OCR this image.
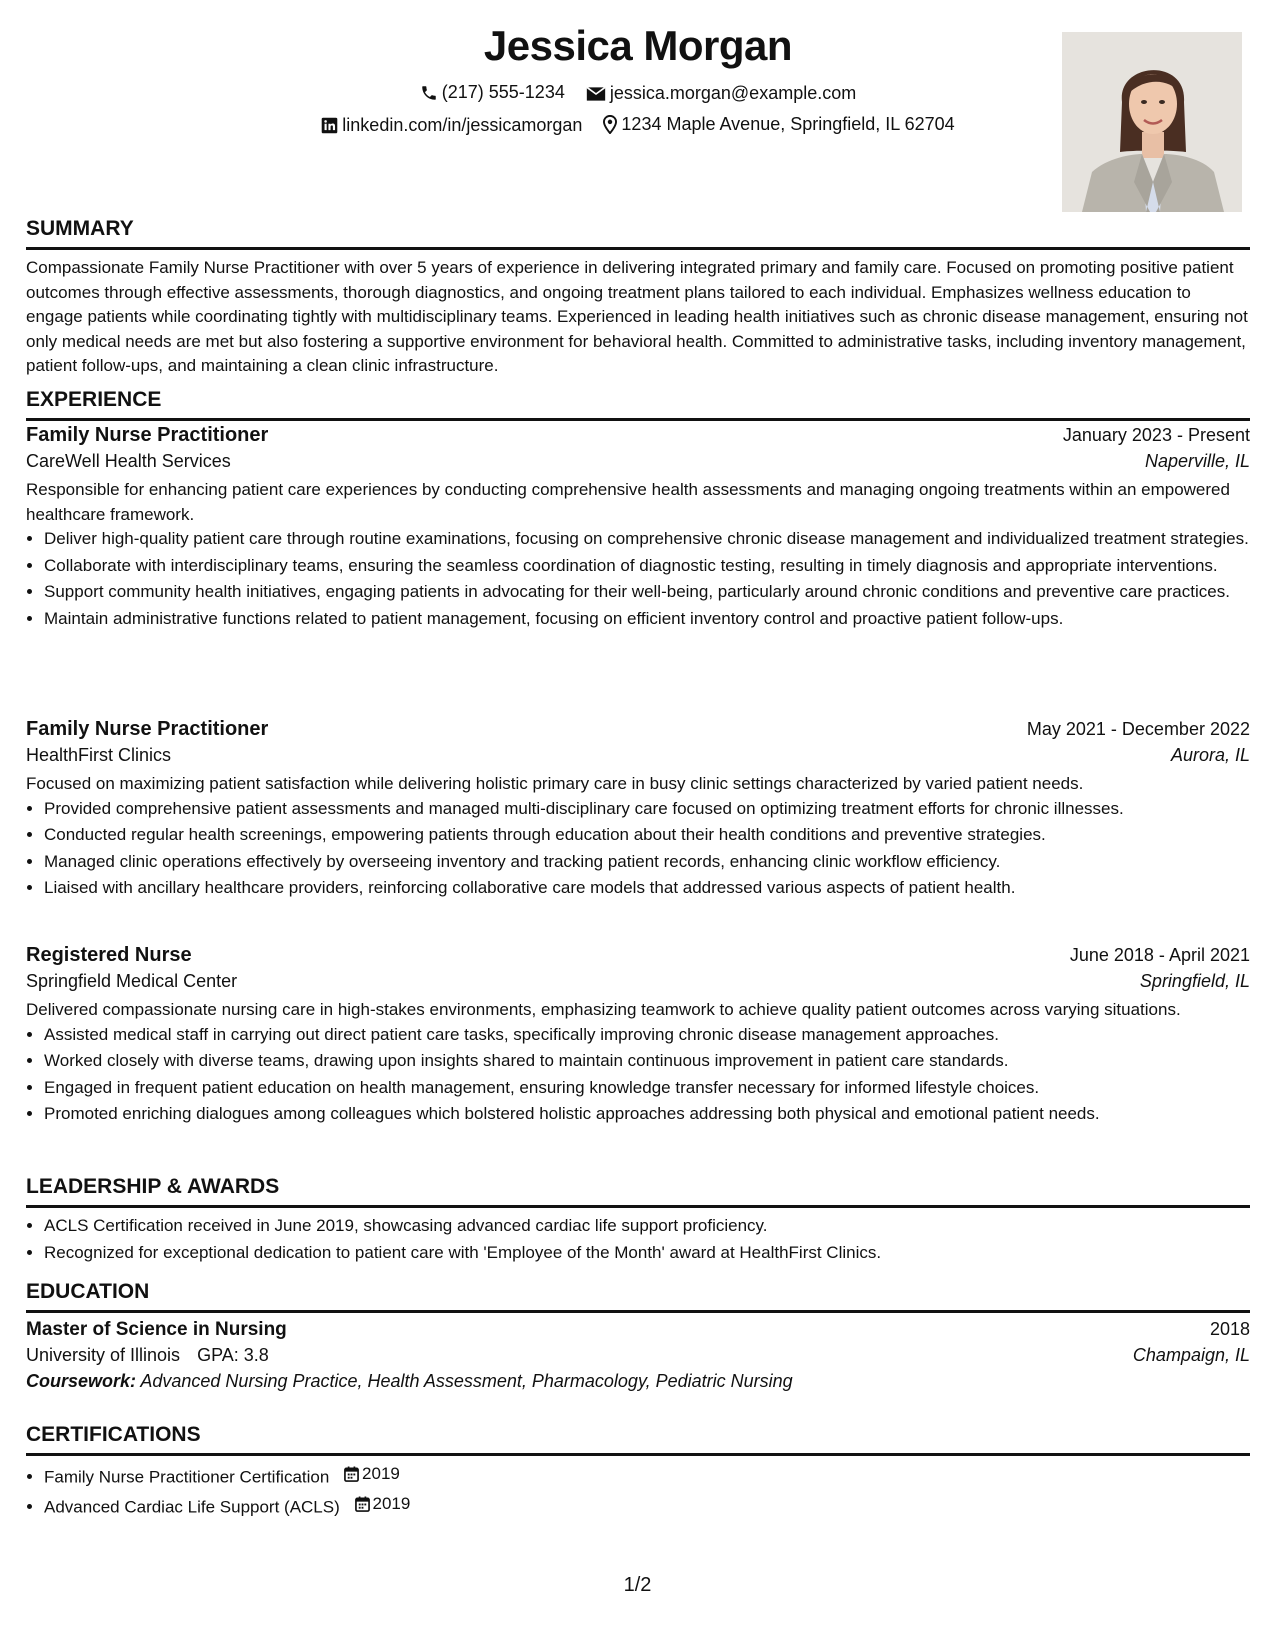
Jessica Morgan
(217) 555-1234
	jessica.morgan@example.com
linkedin.com/in/jessicamorgan
1234 Maple Avenue, Springfield, IL 62704
SUMMARY

Compassionate Family Nurse Practitioner with over 5 years of experience in delivering integrated primary and family care. Focused on promoting positive patient outcomes through effective assessments, thorough diagnostics, and ongoing treatment plans tailored to each individual. Emphasizes wellness education to engage patients while coordinating tightly with multidisciplinary teams. Experienced in leading health initiatives such as chronic disease management, ensuring not only medical needs are met but also fostering a supportive environment for behavioral health. Committed to administrative tasks, including inventory management, patient follow-ups, and maintaining a clean clinic infrastructure.

EXPERIENCE
Family Nurse Practitioner	January 2023 - Present
CareWell Health Services	Naperville, IL

Responsible for enhancing patient care experiences by conducting comprehensive health assessments and managing ongoing treatments within an empowered healthcare framework.

• Deliver high-quality patient care through routine examinations, focusing on comprehensive chronic disease management and individualized treatment strategies.
• Collaborate with interdisciplinary teams, ensuring the seamless coordination of diagnostic testing, resulting in timely diagnosis and appropriate interventions.
• Support community health initiatives, engaging patients in advocating for their well-being, particularly around chronic conditions and preventive care practices.
• Maintain administrative functions related to patient management, focusing on efficient inventory control and proactive patient follow-ups.
Family Nurse Practitioner	May 2021 - December 2022
HealthFirst Clinics	Aurora, IL

Focused on maximizing patient satisfaction while delivering holistic primary care in busy clinic settings characterized by varied patient needs.

• Provided comprehensive patient assessments and managed multi-disciplinary care focused on optimizing treatment efforts for chronic illnesses.
• Conducted regular health screenings, empowering patients through education about their health conditions and preventive strategies.
• Managed clinic operations effectively by overseeing inventory and tracking patient records, enhancing clinic workflow efficiency.
• Liaised with ancillary healthcare providers, reinforcing collaborative care models that addressed various aspects of patient health.
Registered Nurse	June 2018 - April 2021
Springfield Medical Center	Springfield, IL

Delivered compassionate nursing care in high-stakes environments, emphasizing teamwork to achieve quality patient outcomes across varying situations.

• Assisted medical staff in carrying out direct patient care tasks, specifically improving chronic disease management approaches.
• Worked closely with diverse teams, drawing upon insights shared to maintain continuous improvement in patient care standards.
• Engaged in frequent patient education on health management, ensuring knowledge transfer necessary for informed lifestyle choices.
• Promoted enriching dialogues among colleagues which bolstered holistic approaches addressing both physical and emotional patient needs.
LEADERSHIP & AWARDS
• ACLS Certification received in June 2019, showcasing advanced cardiac life support proficiency.
• Recognized for exceptional dedication to patient care with 'Employee of the Month' award at HealthFirst Clinics.
EDUCATION
Master of Science in Nursing	2018
University of Illinois GPA: 3.8	Champaign, IL
Coursework: Advanced Nursing Practice, Health Assessment, Pharmacology, Pediatric Nursing
CERTIFICATIONS
• Family Nurse Practitioner Certification 2019
• Advanced Cardiac Life Support (ACLS) 2019
1/2
